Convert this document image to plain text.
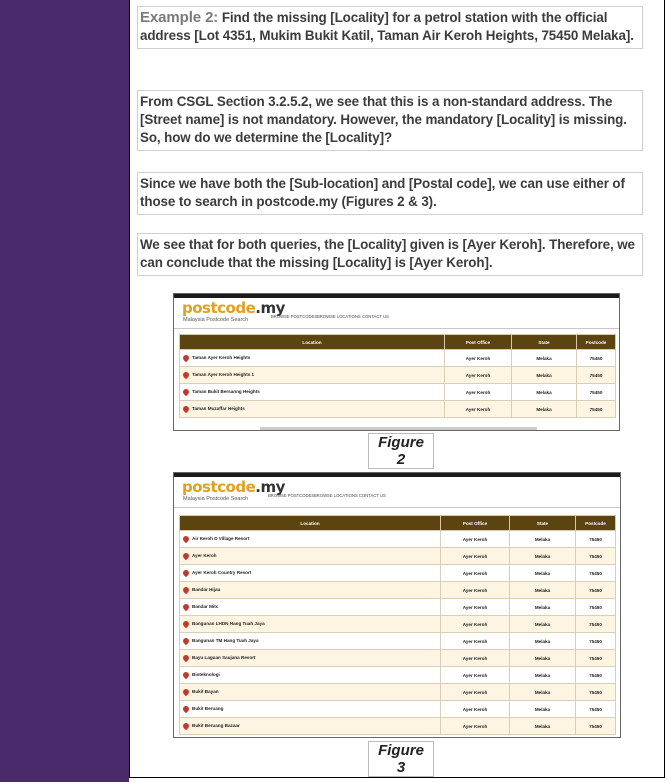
Example 2: Find the missing [Locality] for a petrol station with the official address [Lot 4351, Mukim Bukit Katil, Taman Air Keroh Heights, 75450 Melaka].
From CSGL Section 3.2.5.2, we see that this is a non-standard address. The [Street name] is not mandatory. However, the mandatory [Locality] is missing. So, how do we determine the [Locality]?
Since we have both the [Sub-location] and [Postal code], we can use either of those to search in postcode.my (Figures 2 & 3).
We see that for both queries, the [Locality] given is [Ayer Keroh]. Therefore, we can conclude that the missing [Locality] is [Ayer Keroh].
postcode.my
Malaysia Postcode Search
BROWSE POSTCODES BROWSE LOCATIONS CONTACT US
Location	Post Office	State	Postcode
Taman Ayer Keroh Heights	Ayer Keroh	Melaka	75450
Taman Ayer Keroh Heights 1	Ayer Keroh	Melaka	75450
Taman Bukit Bersanng Heights	Ayer Keroh	Melaka	75450
Taman Muzaffar Heights	Ayer Keroh	Melaka	75450
Figure 2
postcode.my
Malaysia Postcode Search
BROWSE POSTCODES BROWSE LOCATIONS CONTACT US
Location	Post Office	State	Postcode
Air Keroh D Village Resort	Ayer Keroh	Melaka	75450
Ayer Keroh	Ayer Keroh	Melaka	75450
Ayer Keroh Country Resort	Ayer Keroh	Melaka	75450
Bandar Hijau	Ayer Keroh	Melaka	75450
Bandar Mitc	Ayer Keroh	Melaka	75450
Bangunan LHDN Hang Tuah Jaya	Ayer Keroh	Melaka	75450
Bangunan TM Hang Tuah Jaya	Ayer Keroh	Melaka	75450
Bayu Laguan Saujana Resort	Ayer Keroh	Melaka	75450
Bioteknologi	Ayer Keroh	Melaka	75450
Bukit Bayan	Ayer Keroh	Melaka	75450
Bukit Beruang	Ayer Keroh	Melaka	75450
Bukit Beruang Bazaar	Ayer Keroh	Melaka	75450
Figure 3
